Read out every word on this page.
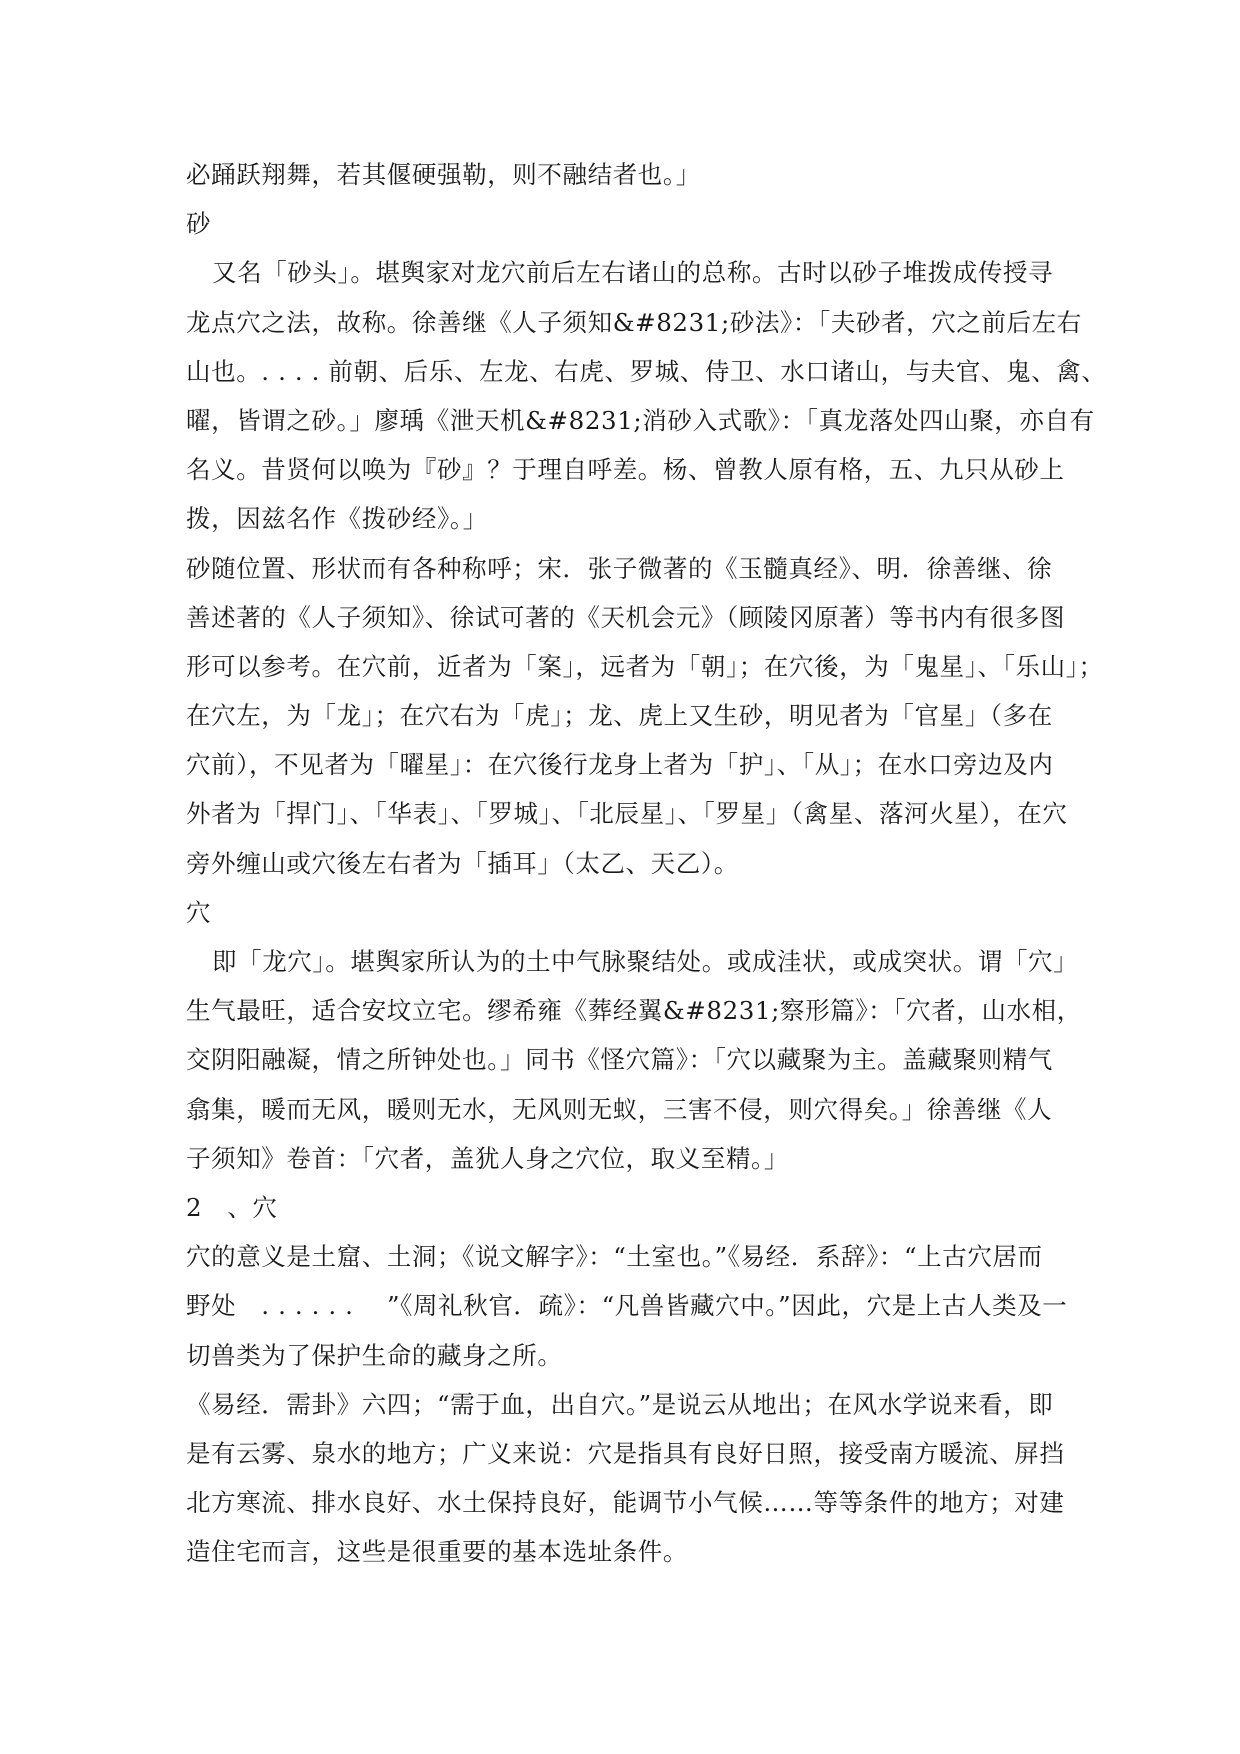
必踊跃翔舞，若其偃硬强勒，则不融结者也。」
砂
又名「砂头」。堪舆家对龙穴前后左右诸山的总称。古时以砂子堆拨成传授寻
龙点穴之法，故称。徐善继《人子须知&#8231;砂法》：「夫砂者，穴之前后左右
山也。. . . . 前朝、后乐、左龙、右虎、罗城、侍卫、水口诸山，与夫官、鬼、禽、
曜，皆谓之砂。」廖瑀《泄天机&#8231;消砂入式歌》：「真龙落处四山聚，亦自有
名义。昔贤何以唤为『砂』？于理自呼差。杨、曾教人原有格，五、九只从砂上
拨，因兹名作《拨砂经》。」
砂随位置、形状而有各种称呼；宋．张子微著的《玉髓真经》、明．徐善继、徐
善述著的《人子须知》、徐试可著的《天机会元》（顾陵冈原著）等书内有很多图
形可以参考。在穴前，近者为「案」，远者为「朝」；在穴後，为「鬼星」、「乐山」；
在穴左，为「龙」；在穴右为「虎」；龙、虎上又生砂，明见者为「官星」（多在
穴前），不见者为「曜星」：在穴後行龙身上者为「护」、「从」；在水口旁边及内
外者为「捍门」、「华表」、「罗城」、「北辰星」、「罗星」（禽星、落河火星），在穴
旁外缠山或穴後左右者为「插耳」（太乙、天乙）。
穴
即「龙穴」。堪舆家所认为的土中气脉聚结处。或成洼状，或成突状。谓「穴」
生气最旺，适合安坟立宅。缪希雍《葬经翼&#8231;察形篇》：「穴者，山水相，
交阴阳融凝，情之所钟处也。」同书《怪穴篇》：「穴以藏聚为主。盖藏聚则精气
翕集，暖而无风，暖则无水，无风则无蚁，三害不侵，则穴得矣。」徐善继《人
子须知》卷首：「穴者，盖犹人身之穴位，取义至精。」
2　、穴
穴的意义是土窟、土洞；《说文解字》：“土室也。”《易经．系辞》：“上古穴居而
野处　. . . . . . 　”《周礼秋官．疏》：“凡兽皆藏穴中。”因此，穴是上古人类及一
切兽类为了保护生命的藏身之所。
《易经．需卦》六四；“需于血，出自穴。”是说云从地出；在风水学说来看，即
是有云雾、泉水的地方；广义来说：穴是指具有良好日照，接受南方暖流、屏挡
北方寒流、排水良好、水土保持良好，能调节小气候……等等条件的地方；对建
造住宅而言，这些是很重要的基本选址条件。
